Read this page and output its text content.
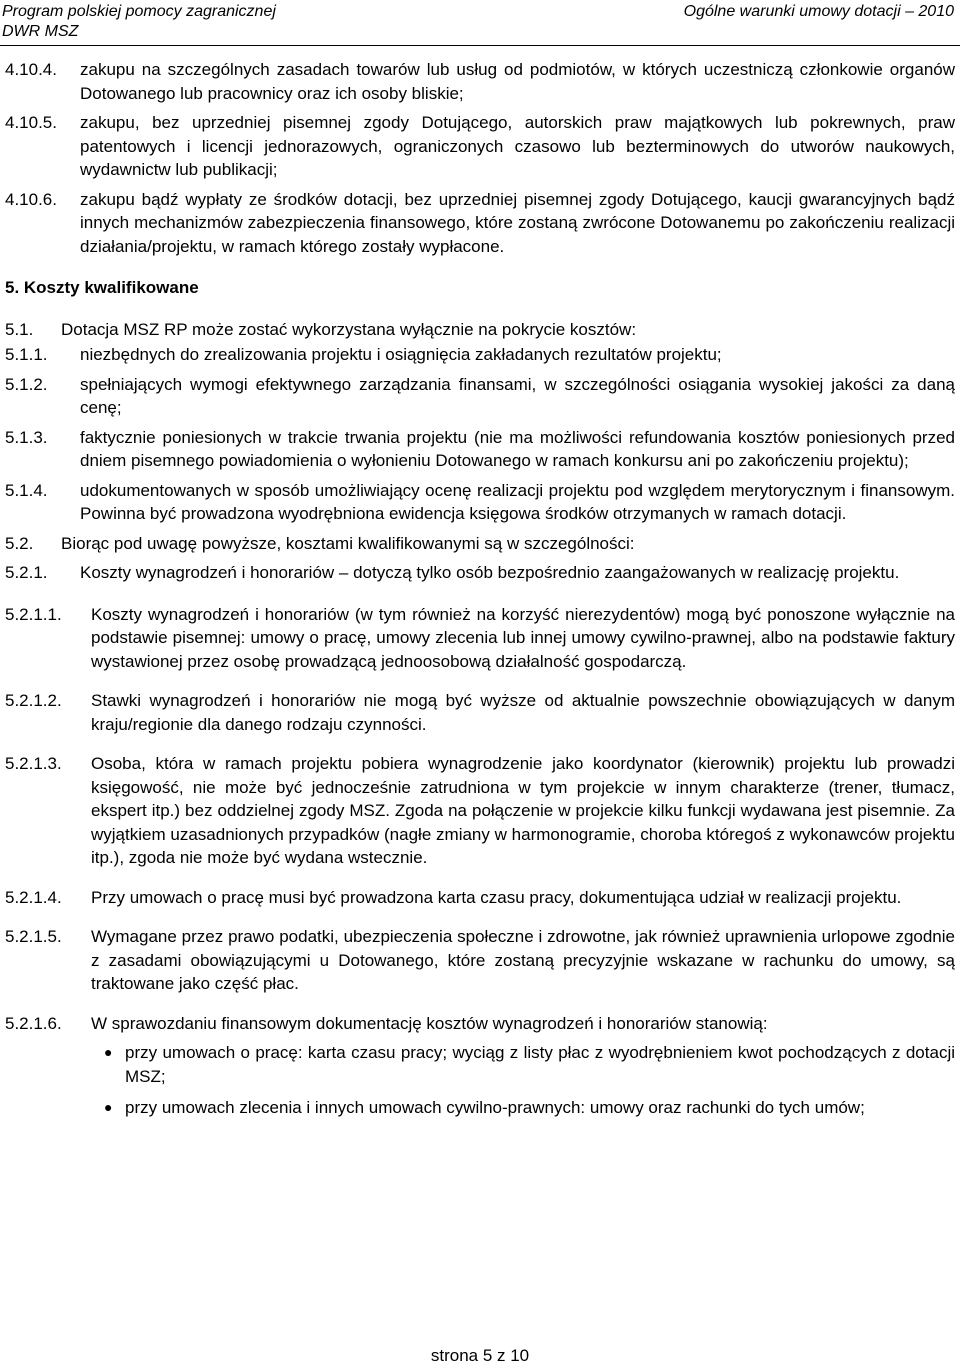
Program polskiej pomocy zagranicznej
DWR MSZ
Ogólne warunki umowy dotacji – 2010
4.10.4.	zakupu na szczególnych zasadach towarów lub usług od podmiotów, w których uczestniczą członkowie organów Dotowanego lub pracownicy oraz ich osoby bliskie;
4.10.5.	zakupu, bez uprzedniej pisemnej zgody Dotującego, autorskich praw majątkowych lub pokrewnych, praw patentowych i licencji jednorazowych, ograniczonych czasowo lub bezterminowych do utworów naukowych, wydawnictw lub publikacji;
4.10.6.	zakupu bądź wypłaty ze środków dotacji, bez uprzedniej pisemnej zgody Dotującego, kaucji gwarancyjnych bądź innych mechanizmów zabezpieczenia finansowego, które zostaną zwrócone Dotowanemu po zakończeniu realizacji działania/projektu, w ramach którego zostały wypłacone.
5. Koszty kwalifikowane
5.1.	Dotacja MSZ RP może zostać wykorzystana wyłącznie na pokrycie kosztów:
5.1.1.	niezbędnych do zrealizowania projektu i osiągnięcia zakładanych rezultatów projektu;
5.1.2.	spełniających wymogi efektywnego zarządzania finansami, w szczególności osiągania wysokiej jakości za daną cenę;
5.1.3.	faktycznie poniesionych w trakcie trwania projektu (nie ma możliwości refundowania kosztów poniesionych przed dniem pisemnego powiadomienia o wyłonieniu Dotowanego w ramach konkursu ani po zakończeniu projektu);
5.1.4.	udokumentowanych w sposób umożliwiający ocenę realizacji projektu pod względem merytorycznym i finansowym. Powinna być prowadzona wyodrębniona ewidencja księgowa środków otrzymanych w ramach dotacji.
5.2.	Biorąc pod uwagę powyższe, kosztami kwalifikowanymi są w szczególności:
5.2.1.	Koszty wynagrodzeń i honorariów – dotyczą tylko osób bezpośrednio zaangażowanych w realizację projektu.
5.2.1.1.	Koszty wynagrodzeń i honorariów (w tym również na korzyść nierezydentów) mogą być ponoszone wyłącznie na podstawie pisemnej: umowy o pracę, umowy zlecenia lub innej umowy cywilno-prawnej, albo na podstawie faktury wystawionej przez osobę prowadzącą jednoosobową działalność gospodarczą.
5.2.1.2.	Stawki wynagrodzeń i honorariów nie mogą być wyższe od aktualnie powszechnie obowiązujących w danym kraju/regionie dla danego rodzaju czynności.
5.2.1.3.	Osoba, która w ramach projektu pobiera wynagrodzenie jako koordynator (kierownik) projektu lub prowadzi księgowość, nie może być jednocześnie zatrudniona w tym projekcie w innym charakterze (trener, tłumacz, ekspert itp.) bez oddzielnej zgody MSZ. Zgoda na połączenie w projekcie kilku funkcji wydawana jest pisemnie. Za wyjątkiem uzasadnionych przypadków (nagłe zmiany w harmonogramie, choroba któregoś z wykonawców projektu itp.), zgoda nie może być wydana wstecznie.
5.2.1.4.	Przy umowach o pracę musi być prowadzona karta czasu pracy, dokumentująca udział w realizacji projektu.
5.2.1.5.	Wymagane przez prawo podatki, ubezpieczenia społeczne i zdrowotne, jak również uprawnienia urlopowe zgodnie z zasadami obowiązującymi u Dotowanego, które zostaną precyzyjnie wskazane w rachunku do umowy, są traktowane jako część płac.
5.2.1.6.	W sprawozdaniu finansowym dokumentację kosztów wynagrodzeń i honorariów stanowią:
● przy umowach o pracę: karta czasu pracy; wyciąg z listy płac z wyodrębnieniem kwot pochodzących z dotacji MSZ;
● przy umowach zlecenia i innych umowach cywilno-prawnych: umowy oraz rachunki do tych umów;
strona 5 z 10
